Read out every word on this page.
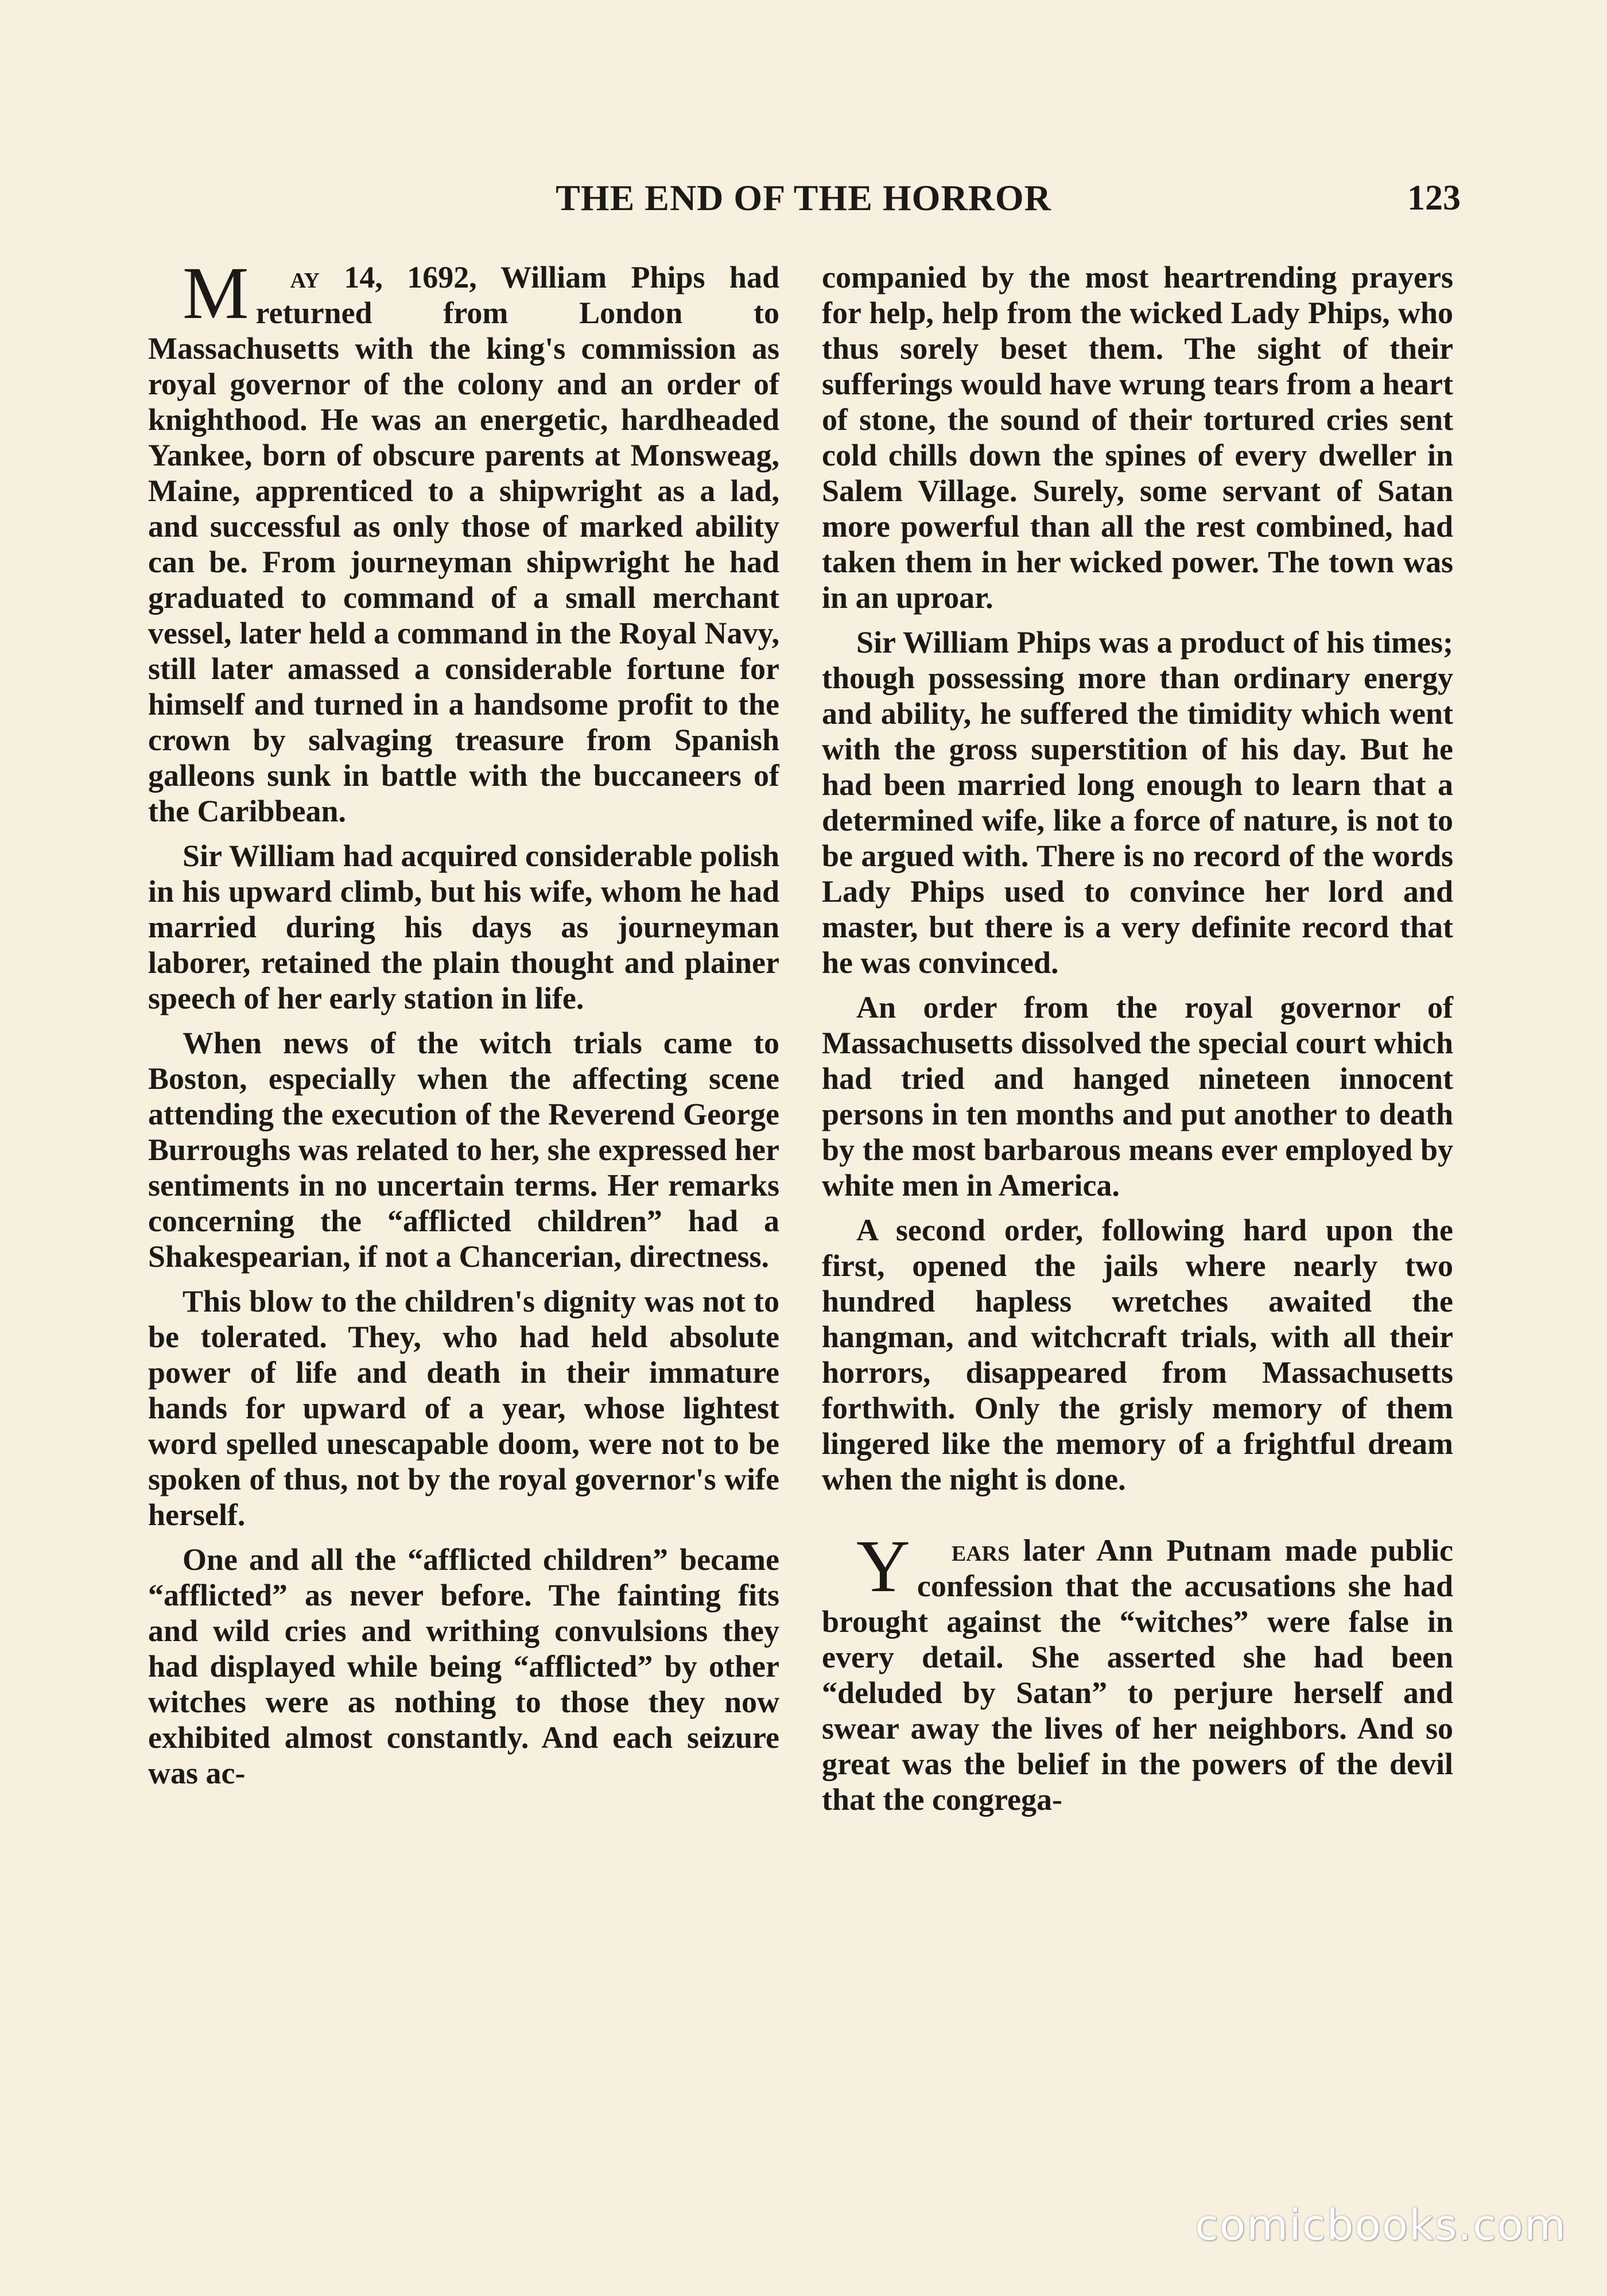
THE END OF THE HORROR	123

M ay 14, 1692, William Phips had returned from London to Massachusetts with the king's commission as royal governor of the colony and an order of knighthood. He was an energetic, hardheaded Yankee, born of obscure parents at Monsweag, Maine, apprenticed to a shipwright as a lad, and successful as only those of marked ability can be. From journeyman shipwright he had graduated to command of a small merchant vessel, later held a command in the Royal Navy, still later amassed a considerable fortune for himself and turned in a handsome profit to the crown by salvaging treasure from Spanish galleons sunk in battle with the buccaneers of the Caribbean.

Sir William had acquired considerable polish in his upward climb, but his wife, whom he had married during his days as journeyman laborer, retained the plain thought and plainer speech of her early station in life.

When news of the witch trials came to Boston, especially when the affecting scene attending the execution of the Reverend George Burroughs was related to her, she expressed her sentiments in no uncertain terms. Her remarks concerning the “afflicted children” had a Shakespearian, if not a Chancerian, directness.

This blow to the children's dignity was not to be tolerated. They, who had held absolute power of life and death in their immature hands for upward of a year, whose lightest word spelled unescapable doom, were not to be spoken of thus, not by the royal governor's wife herself.

One and all the “afflicted children” became “afflicted” as never before. The fainting fits and wild cries and writhing convulsions they had displayed while being “afflicted” by other witches were as nothing to those they now exhibited almost constantly. And each seizure was ac-

companied by the most heartrending prayers for help, help from the wicked Lady Phips, who thus sorely beset them. The sight of their sufferings would have wrung tears from a heart of stone, the sound of their tortured cries sent cold chills down the spines of every dweller in Salem Village. Surely, some servant of Satan more powerful than all the rest combined, had taken them in her wicked power. The town was in an uproar.

Sir William Phips was a product of his times; though possessing more than ordinary energy and ability, he suffered the timidity which went with the gross superstition of his day. But he had been married long enough to learn that a determined wife, like a force of nature, is not to be argued with. There is no record of the words Lady Phips used to convince her lord and master, but there is a very definite record that he was convinced.

An order from the royal governor of Massachusetts dissolved the special court which had tried and hanged nineteen innocent persons in ten months and put another to death by the most barbarous means ever employed by white men in America.

A second order, following hard upon the first, opened the jails where nearly two hundred hapless wretches awaited the hangman, and witchcraft trials, with all their horrors, disappeared from Massachusetts forthwith. Only the grisly memory of them lingered like the memory of a frightful dream when the night is done.

Y ears later Ann Putnam made public confession that the accusations she had brought against the “witches” were false in every detail. She asserted she had been “deluded by Satan” to perjure herself and swear away the lives of her neighbors. And so great was the belief in the powers of the devil that the congrega-

comicbooks.com
